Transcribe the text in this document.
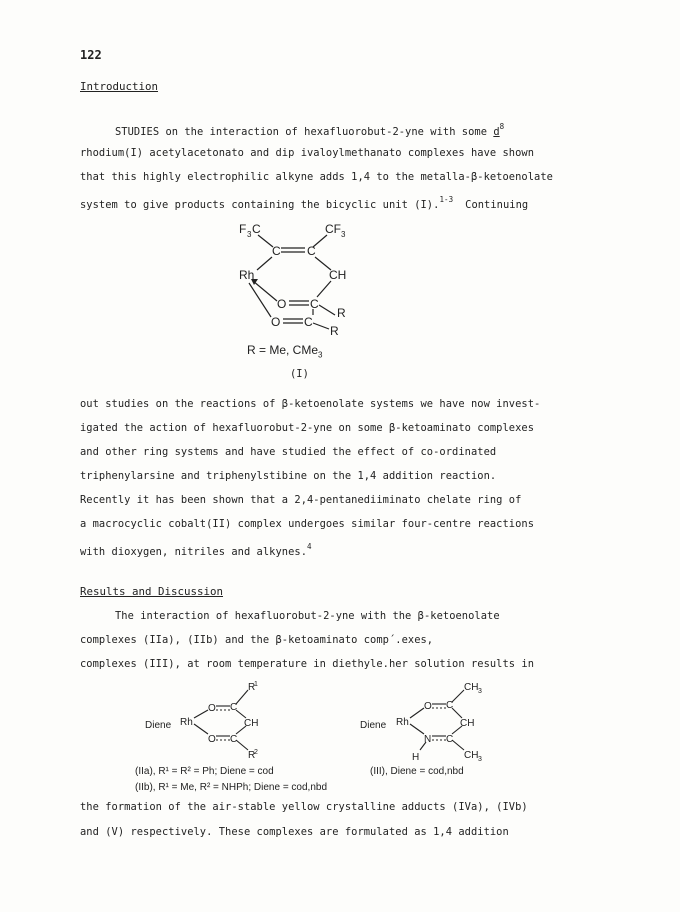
122
Introduction
STUDIES on the interaction of hexafluorobut-2-yne with some $d^8$
rhodium(I) acetylacetonato and dip ivaloylmethanato complexes have shown
that this highly electrophilic alkyne adds 1,4 to the metalla-β-ketoenolate
system to give products containing the bicyclic unit (I).$^{1-3}$ Continuing
F 3 C
C C
CF 3
Rh	CH
O C
R
O C
R
R = Me, CMe$_3$
(I)
out studies on the reactions of β-ketoenolate systems we have now invest-
igated the action of hexafluorobut-2-yne on some β-ketoaminato complexes
and other ring systems and have studied the effect of co-ordinated
triphenylarsine and triphenylstibine on the 1,4 addition reaction.
Recently it has been shown that a 2,4-pentanediiminato chelate ring of
a macrocyclic cobalt(II) complex undergoes similar four-centre reactions
with dioxygen, nitriles and alkynes.$^4$
Results and Discussion
The interaction of hexafluorobut-2-yne with the β-ketoenolate
complexes (IIa), (IIb) and the β-ketoaminato comp´.exes,
complexes (III), at room temperature in diethyle.her solution results in
Diene Rh
O C
R
1
CH
O C
R
2
Diene Rh
O C
CH 3
CH
N C
CH 3
H
(IIa), R¹ = R² = Ph; Diene = cod
(IIb), R¹ = Me, R² = NHPh; Diene = cod,nbd
(III), Diene = cod,nbd
the formation of the air-stable yellow crystalline adducts (IVa), (IVb)
and (V) respectively. These complexes are formulated as 1,4 addition
